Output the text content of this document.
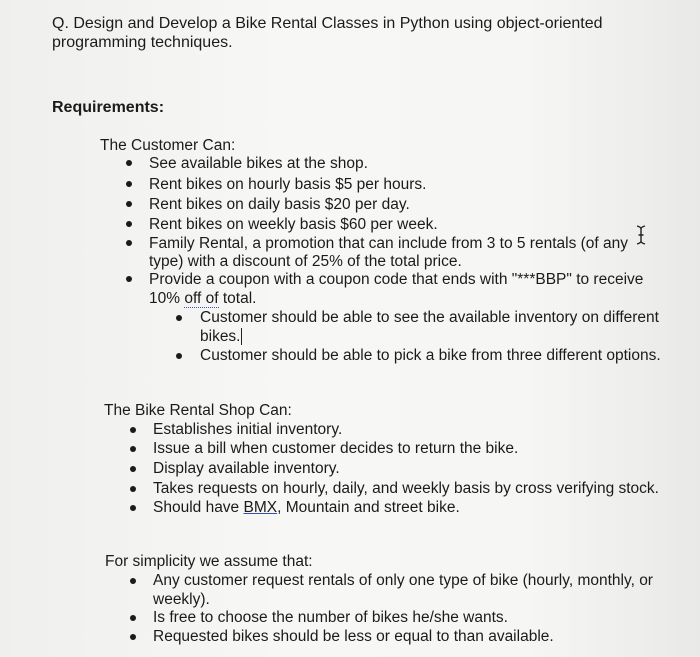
Q. Design and Develop a Bike Rental Classes in Python using object-oriented
programming techniques.
Requirements:
The Customer Can:
See available bikes at the shop.
Rent bikes on hourly basis $5 per hours.
Rent bikes on daily basis $20 per day.
Rent bikes on weekly basis $60 per week.
Family Rental, a promotion that can include from 3 to 5 rentals (of any
type) with a discount of 25% of the total price.
Provide a coupon with a coupon code that ends with "***BBP" to receive
10% off of total.
Customer should be able to see the available inventory on different
bikes.
Customer should be able to pick a bike from three different options.
The Bike Rental Shop Can:
Establishes initial inventory.
Issue a bill when customer decides to return the bike.
Display available inventory.
Takes requests on hourly, daily, and weekly basis by cross verifying stock.
Should have BMX, Mountain and street bike.
For simplicity we assume that:
Any customer request rentals of only one type of bike (hourly, monthly, or
weekly).
Is free to choose the number of bikes he/she wants.
Requested bikes should be less or equal to than available.
